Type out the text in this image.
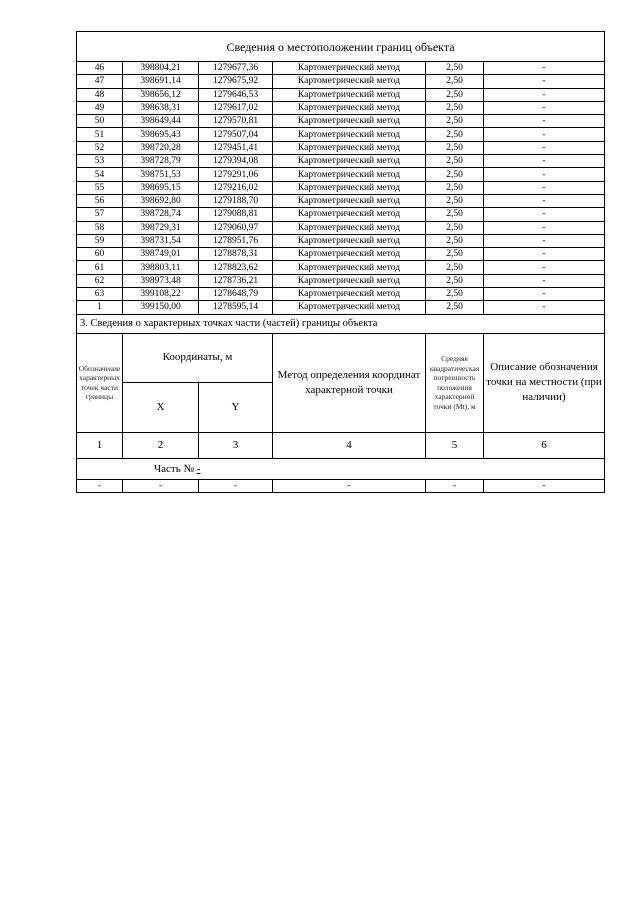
Сведения о местоположении границ объекта					
46	398804,21	1279677,36	Картометрический метод	2,50	-
47	398691,14	1279675,92	Картометрический метод	2,50	-
48	398656,12	1279646,53	Картометрический метод	2,50	-
49	398638,31	1279617,02	Картометрический метод	2,50	-
50	398649,44	1279570,81	Картометрический метод	2,50	-
51	398695,43	1279507,04	Картометрический метод	2,50	-
52	398720,28	1279451,41	Картометрический метод	2,50	-
53	398728,79	1279394,08	Картометрический метод	2,50	-
54	398751,53	1279291,06	Картометрический метод	2,50	-
55	398695,15	1279216,02	Картометрический метод	2,50	-
56	398692,80	1279188,70	Картометрический метод	2,50	-
57	398728,74	1279088,81	Картометрический метод	2,50	-
58	398729,31	1279060,97	Картометрический метод	2,50	-
59	398731,54	1278951,76	Картометрический метод	2,50	-
60	398749,01	1278878,31	Картометрический метод	2,50	-
61	398803,11	1278823,62	Картометрический метод	2,50	-
62	398973,48	1278736,21	Картометрический метод	2,50	-
63	399108,22	1278648,79	Картометрический метод	2,50	-
1	399150,00	1278595,14	Картометрический метод	2,50	-
3. Сведения о характерных точках части (частей) границы объекта					
Обозначение характерных точек части границы	Координаты, м		Метод определения координат характерной точки	Средняя квадратическая погрешность положения характерной точки (Mt), м	Описание обозначения точки на местности (при наличии)
	X	Y			
1	2	3	4	5	6
Часть № -					
-	-	-	-	-	-
